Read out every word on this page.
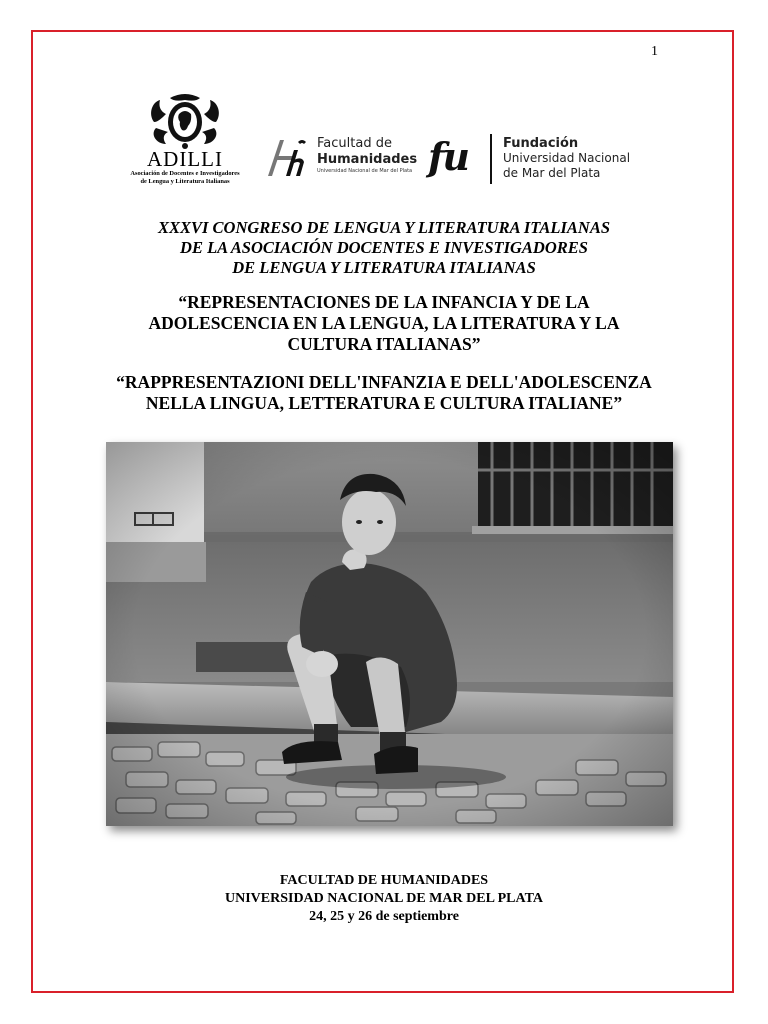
1
ADILLI
Asociación de Docentes e Investigadores
de Lengua y Literatura Italianas
Facultad de
Humanidades
Universidad Nacional de Mar del Plata fu	Fundación
Universidad Nacional
de Mar del Plata
XXXVI CONGRESO DE LENGUA Y LITERATURA ITALIANAS
DE LA ASOCIACIÓN DOCENTES E INVESTIGADORES
DE LENGUA Y LITERATURA ITALIANAS
“REPRESENTACIONES DE LA INFANCIA Y DE LA
ADOLESCENCIA EN LA LENGUA, LA LITERATURA Y LA
CULTURA ITALIANAS”
“RAPPRESENTAZIONI DELL'INFANZIA E DELL'ADOLESCENZA
NELLA LINGUA, LETTERATURA E CULTURA ITALIANE”
FACULTAD DE HUMANIDADES
UNIVERSIDAD NACIONAL DE MAR DEL PLATA
24, 25 y 26 de septiembre
